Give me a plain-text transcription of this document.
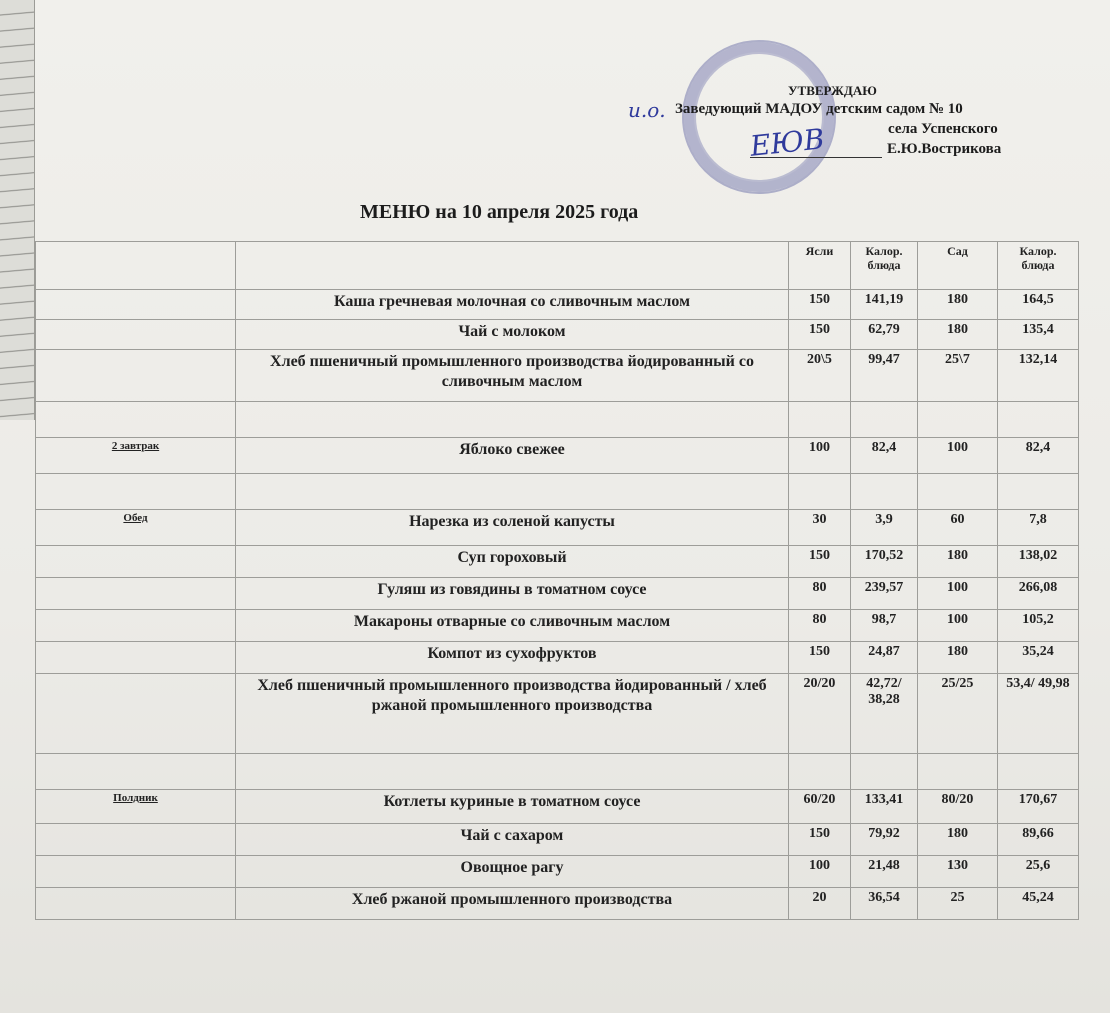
УТВЕРЖДАЮ
и.о. Заведующий МАДОУ детским садом № 10
села Успенского
ЕЮВ	Е.Ю.Вострикова
МЕНЮ на 10 апреля 2025 года
		Ясли	Калор. блюда	Сад	Калор. блюда
	Каша гречневая молочная со сливочным маслом	150	141,19	180	164,5
	Чай с молоком	150	62,79	180	135,4
	Хлеб пшеничный промышленного производства йодированный со сливочным маслом	20\5	99,47	25\7	132,14

2 завтрак	Яблоко свежее	100	82,4	100	82,4

Обед	Нарезка из соленой капусты	30	3,9	60	7,8
	Суп гороховый	150	170,52	180	138,02
	Гуляш из говядины в томатном соусе	80	239,57	100	266,08
	Макароны отварные со сливочным маслом	80	98,7	100	105,2
	Компот из сухофруктов	150	24,87	180	35,24
	Хлеб пшеничный промышленного производства йодированный / хлеб ржаной промышленного производства	20/20	42,72/ 38,28	25/25	53,4/ 49,98

Полдник	Котлеты куриные в томатном соусе	60/20	133,41	80/20	170,67
	Чай с сахаром	150	79,92	180	89,66
	Овощное рагу	100	21,48	130	25,6
	Хлеб ржаной промышленного производства	20	36,54	25	45,24
